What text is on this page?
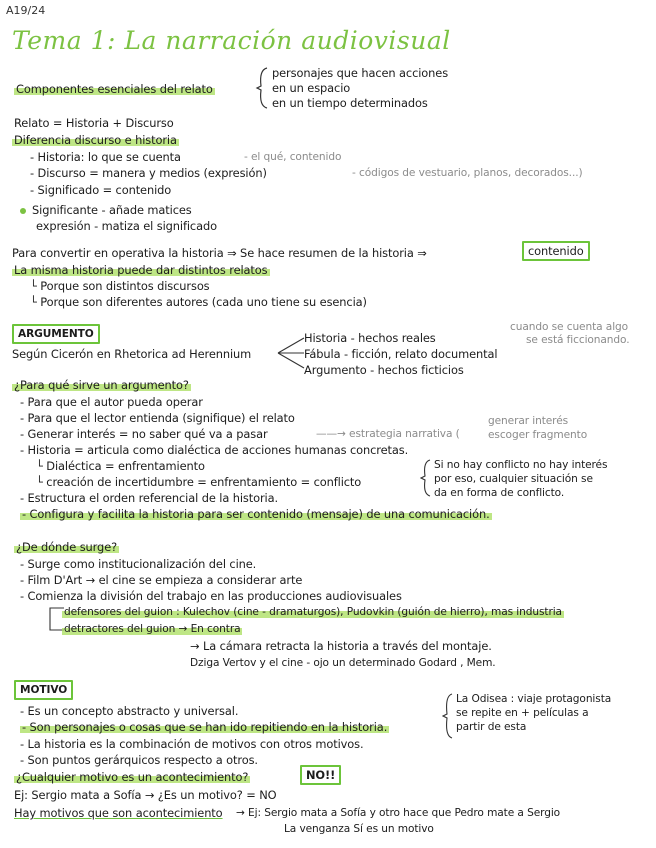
A19/24
Tema 1: La narración audiovisual
Componentes esenciales del relato
personajes que hacen acciones
en un espacio
en un tiempo determinados
Relato = Historia + Discurso
Diferencia discurso e historia
- Historia: lo que se cuenta	- el qué, contenido
- Discurso = manera y medios (expresión)	- códigos de vestuario, planos, decorados...)
- Significado = contenido
Significante - añade matices
expresión - matiza el significado
Para convertir en operativa la historia ⇒ Se hace resumen de la historia ⇒	contenido
La misma historia puede dar distintos relatos
└ Porque son distintos discursos
└ Porque son diferentes autores (cada uno tiene su esencia)
ARGUMENTO
Según Cicerón en Rhetorica ad Herennium
Historia - hechos reales
Fábula - ficción, relato documental
Argumento - hechos ficticios
cuando se cuenta algo
se está ficcionando.
¿Para qué sirve un argumento?
- Para que el autor pueda operar
- Para que el lector entienda (signifique) el relato
- Generar interés = no saber qué va a pasar	——→ estrategia narrativa (
generar interés
escoger fragmento
- Historia = articula como dialéctica de acciones humanas concretas.
└ Dialéctica = enfrentamiento
└ creación de incertidumbre = enfrentamiento = conflicto
- Estructura el orden referencial de la historia.
- Configura y facilita la historia para ser contenido (mensaje) de una comunicación.
Si no hay conflicto no hay interés
por eso, cualquier situación se
da en forma de conflicto.
¿De dónde surge?
- Surge como institucionalización del cine.
- Film D'Art → el cine se empieza a considerar arte
- Comienza la división del trabajo en las producciones audiovisuales
defensores del guion : Kulechov (cine - dramaturgos), Pudovkin (guión de hierro), mas industria
detractores del guion → En contra
→ La cámara retracta la historia a través del montaje.
Dziga Vertov y el cine - ojo un determinado Godard , Mem.
MOTIVO
- Es un concepto abstracto y universal.
- Son personajes o cosas que se han ido repitiendo en la historia.
- La historia es la combinación de motivos con otros motivos.
- Son puntos gerárquicos respecto a otros.
La Odisea : viaje protagonista
se repite en + películas a
partir de esta
¿Cualquier motivo es un acontecimiento?	NO!!
Ej: Sergio mata a Sofía → ¿Es un motivo? = NO
Hay motivos que son acontecimiento → Ej: Sergio mata a Sofía y otro hace que Pedro mate a Sergio
La venganza Sí es un motivo
